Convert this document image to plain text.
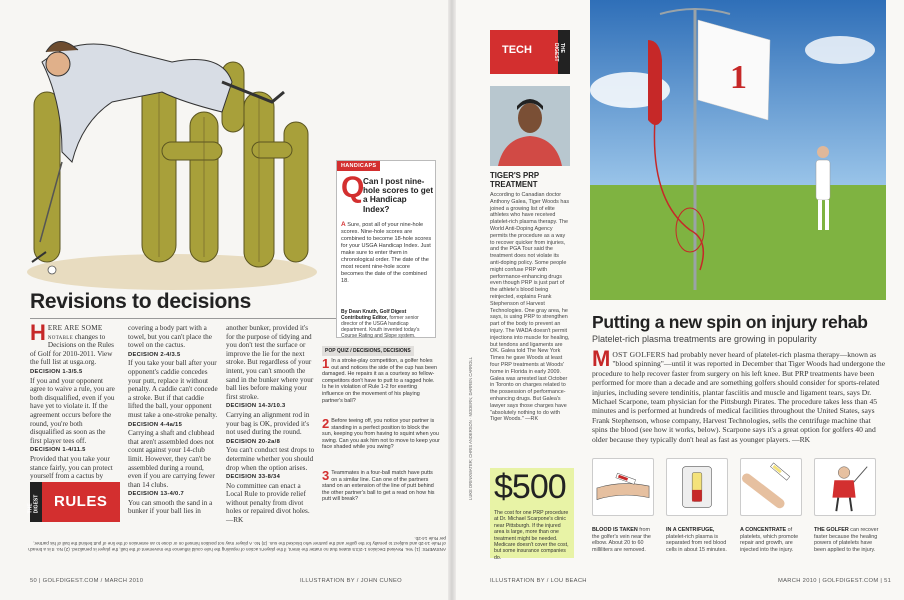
Revisions to decisions

HERE ARE SOME notable changes to Decisions on the Rules of Golf for 2010-2011. View the full list at usga.org.

DECISION 1-3/5.5

If you and your opponent agree to waive a rule, you are both disqualified, even if you have yet to violate it. If the agreement occurs before the round, you're both disqualified as soon as the first player tees off.

DECISION 1-4/11.5

Provided that you take your stance fairly, you can protect yourself from a cactus by

covering a body part with a towel, but you can't place the towel on the cactus.

DECISION 2-4/3.5

If you take your ball after your opponent's caddie concedes your putt, replace it without penalty. A caddie can't concede a stroke. But if that caddie lifted the ball, your opponent must take a one-stroke penalty.

DECISION 4-4a/15

Carrying a shaft and clubhead that aren't assembled does not count against your 14-club limit. However, they can't be assembled during a round, even if you are carrying fewer than 14 clubs.

DECISION 13-4/0.7

You can smooth the sand in a bunker if your ball lies in

another bunker, provided it's for the purpose of tidying and you don't test the surface or improve the lie for the next stroke. But regardless of your intent, you can't smooth the sand in the bunker where your ball lies before making your first stroke.

DECISION 14-3/10.3

Carrying an alignment rod in your bag is OK, provided it's not used during the round.

DECISION 20-2a/8

You can't conduct test drops to determine whether you should drop when the option arises.

DECISION 33-8/34

No committee can enact a Local Rule to provide relief without penalty from divot holes or repaired divot holes. —RK

THE DIGEST RULES
HANDICAPS
Q
Can I post nine-hole scores to get a Handicap Index?
A Sure, post all of your nine-hole scores. Nine-hole scores are combined to become 18-hole scores for your USGA Handicap Index. Just make sure to enter them in chronological order. The date of the most recent nine-hole score becomes the date of the combined 18.
By Dean Knuth, Golf Digest Contributing Editor, former senior director of the USGA handicap department. Knuth invented today's Course Rating and Slope system.
POP QUIZ / DECISIONS, DECISIONS
1 In a stroke-play competition, a golfer holes out and notices the side of the cup has been damaged. He repairs it as a courtesy so fellow-competitors don't have to putt to a ragged hole. Is he in violation of Rule 1-2 for exerting influence on the movement of his playing partner's ball?
2 Before teeing off, you notice your partner is standing in a perfect position to block the sun, keeping you from having to squint when you swing. Can you ask him not to move to keep your face shaded while you swing?
3 Teammates in a four-ball match have putts on a similar line. Can one of the partners stand on an extension of the line of putt behind the other partner's ball to get a read on how his putt will break?
ANSWERS: (1) Yes. Revised Decision 1-2/3.5 states that no matter the intent, if the player's action of repairing the hole could influence the movement of the ball, the player is penalized. (2) No. It is a breach of Rule 14-2b and subject to penalty for the golfer and the partner who blocked the sun. (3) No. A player may not position himself on or close to an extension of the line of putt behind the ball of his partner, per Rule 14-2b.
50 | GOLFDIGEST.COM / MARCH 2010	ILLUSTRATION BY / JOHN CUNEO
TECH	THE DIGEST
TIGER'S PRP TREATMENT
According to Canadian doctor Anthony Galea, Tiger Woods has joined a growing list of elite athletes who have received platelet-rich plasma therapy. The World Anti-Doping Agency permits the procedure as a way to recover quicker from injuries, and the PGA Tour said the treatment does not violate its anti-doping policy. Some people might confuse PRP with performance-enhancing drugs even though PRP is just part of the athlete's blood being reinjected, explains Frank Stephenson of Harvest Technologies. One gray area, he says, is using PRP to strengthen part of the body to prevent an injury. The WADA doesn't permit injections into muscle for healing, but tendons and ligaments are OK. Galea told The New York Times he gave Woods at least four PRP treatments at Woods' home in Florida in early 2009. Galea was arrested last October in Toronto on charges related to the possession of performance-enhancing drugs. But Galea's lawyer says those charges have "absolutely nothing to do with Tiger Woods." —RK
$500
The cost for one PRP procedure at Dr. Michael Scarpone's clinic near Pittsburgh. If the injured area is large, more than one treatment might be needed. Medicare doesn't cover the cost, but some insurance companies do.
LUKE DRINKWATER; CHRIS ANDERSON · MODERN; DARREN CARROLL
1
Putting a new spin on injury rehab
Platelet-rich plasma treatments are growing in popularity
MOST GOLFERS had probably never heard of platelet-rich plasma therapy—known as "blood spinning"—until it was reported in December that Tiger Woods had undergone the procedure to help recover faster from surgery on his left knee. But PRP treatments have been performed for more than a decade and are something golfers should consider for sports-related injuries, including severe tendinitis, plantar fasciitis and muscle and ligament tears, says Dr. Michael Scarpone, team physician for the Pittsburgh Pirates. The procedure takes less than 45 minutes and is performed at hundreds of medical facilities throughout the United States, says Frank Stephenson, whose company, Harvest Technologies, sells the centrifuge machine that spins the blood (see how it works, below). Scarpone says it's a great option for golfers 40 and older because they typically don't heal as fast as younger players. —RK
BLOOD IS TAKEN from the golfer's vein near the elbow. About 20 to 60 milliliters are removed.
IN A CENTRIFUGE, platelet-rich plasma is separated from red blood cells in about 15 minutes.
A CONCENTRATE of platelets, which promote repair and growth, are injected into the injury.
THE GOLFER can recover faster because the healing powers of platelets have been applied to the injury.
ILLUSTRATION BY / LOU BEACH	MARCH 2010 | GOLFDIGEST.COM | 51
